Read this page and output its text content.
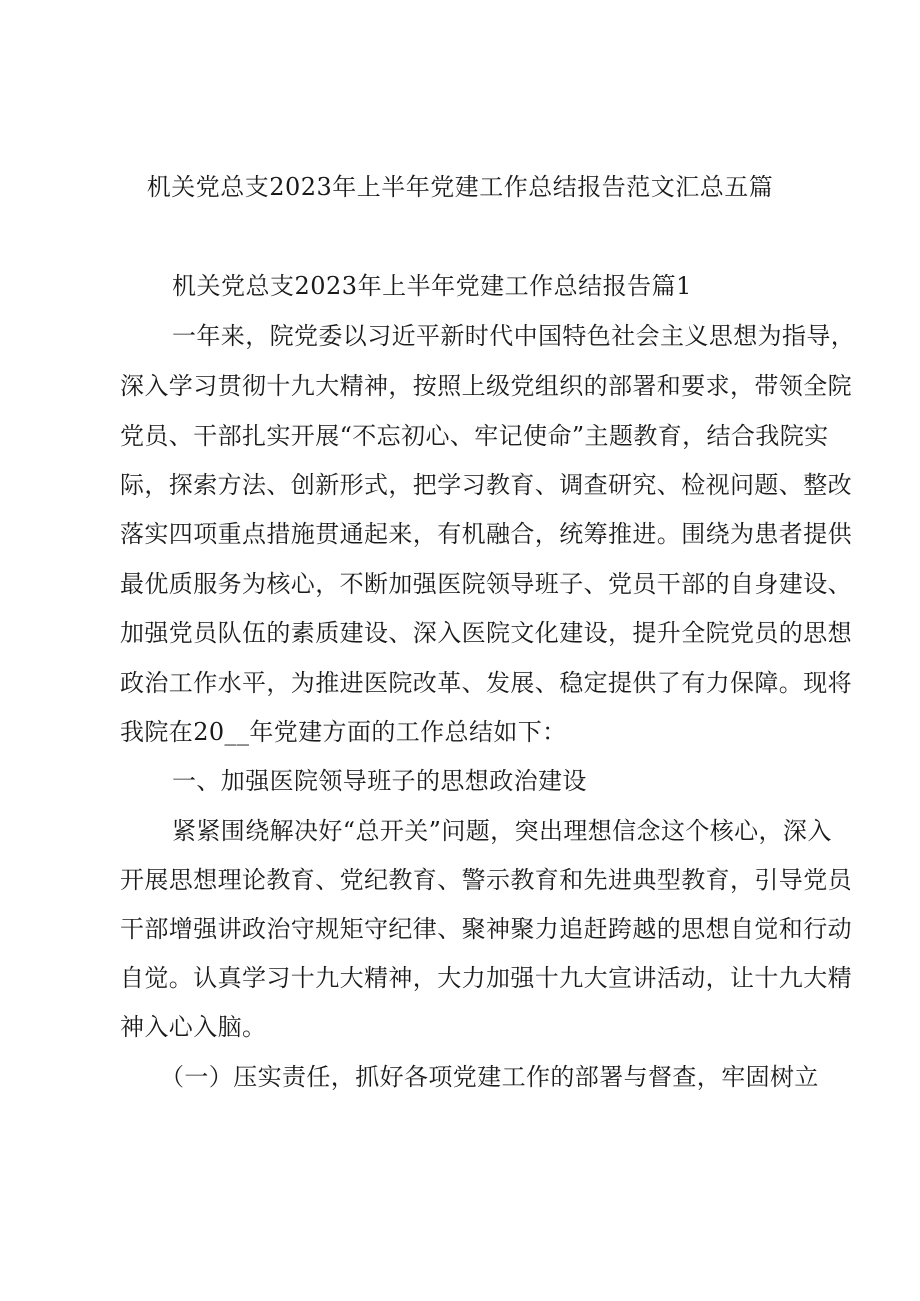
机关党总支2023年上半年党建工作总结报告范文汇总五篇
机关党总支2023年上半年党建工作总结报告篇1
一年来，院党委以习近平新时代中国特色社会主义思想为指导，
深入学习贯彻十九大精神，按照上级党组织的部署和要求，带领全院
党员、干部扎实开展“不忘初心、牢记使命”主题教育，结合我院实
际，探索方法、创新形式，把学习教育、调查研究、检视问题、整改
落实四项重点措施贯通起来，有机融合，统筹推进。围绕为患者提供
最优质服务为核心，不断加强医院领导班子、党员干部的自身建设、
加强党员队伍的素质建设、深入医院文化建设，提升全院党员的思想
政治工作水平，为推进医院改革、发展、稳定提供了有力保障。现将
我院在20__年党建方面的工作总结如下：
一、加强医院领导班子的思想政治建设
紧紧围绕解决好“总开关”问题，突出理想信念这个核心，深入
开展思想理论教育、党纪教育、警示教育和先进典型教育，引导党员
干部增强讲政治守规矩守纪律、聚神聚力追赶跨越的思想自觉和行动
自觉。认真学习十九大精神，大力加强十九大宣讲活动，让十九大精
神入心入脑。
（一）压实责任，抓好各项党建工作的部署与督查，牢固树立
